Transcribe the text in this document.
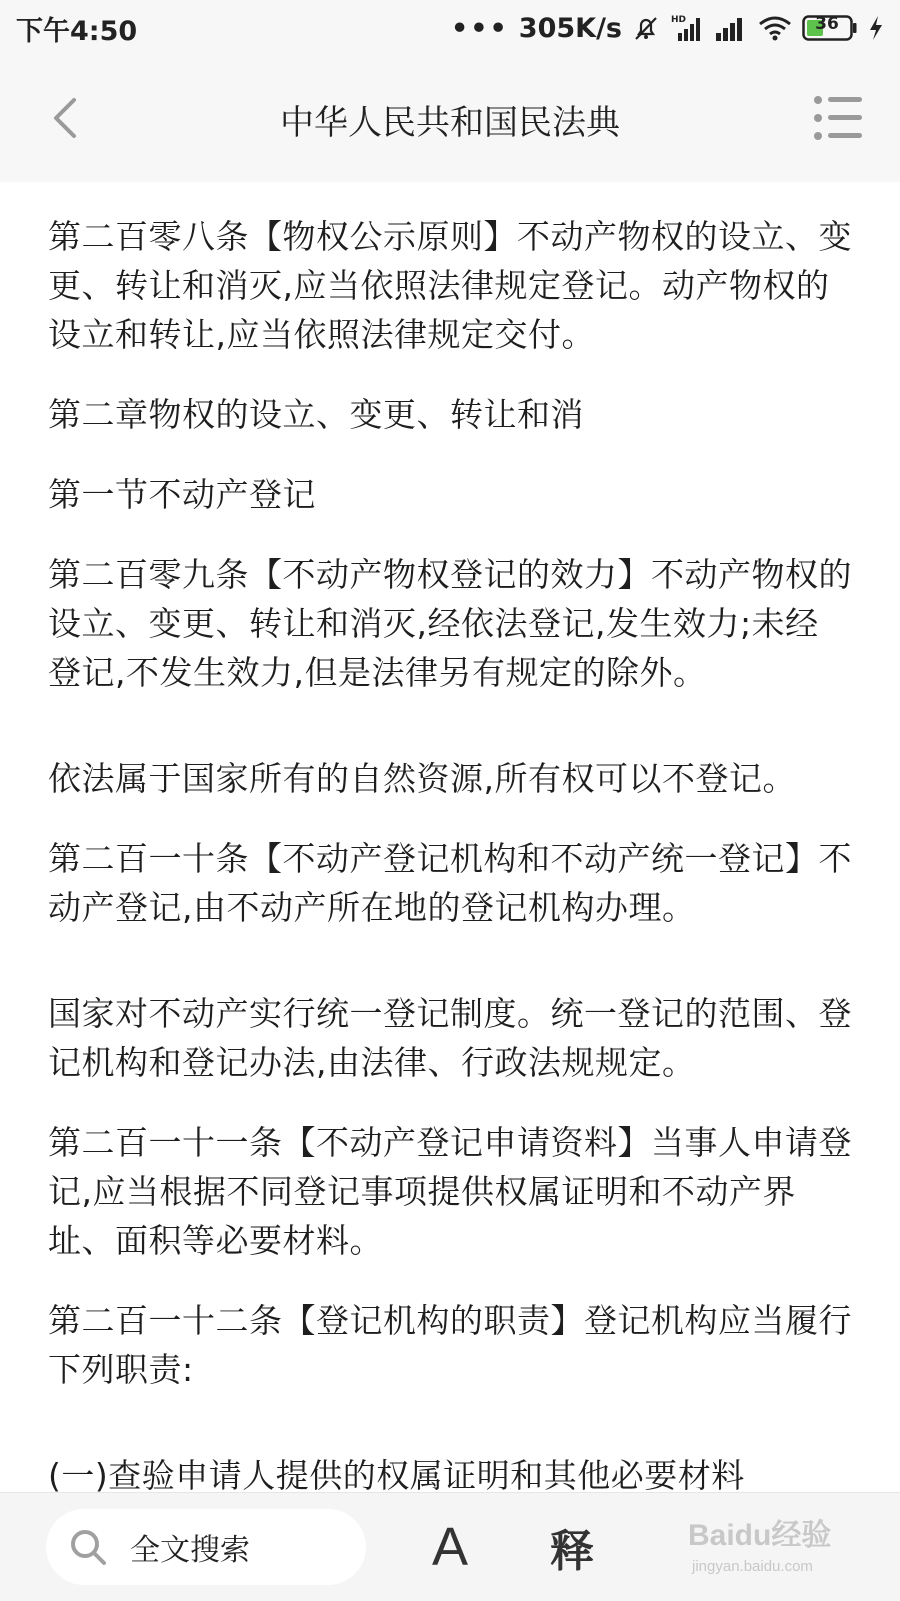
下午4:50	••• 305K/s	HD	36
中华人民共和国民法典

第二百零八条【物权公示原则】不动产物权的设立、变更、转让和消灭,应当依照法律规定登记。动产物权的设立和转让,应当依照法律规定交付。

第二章物权的设立、变更、转让和消

第一节不动产登记

第二百零九条【不动产物权登记的效力】不动产物权的设立、变更、转让和消灭,经依法登记,发生效力;未经登记,不发生效力,但是法律另有规定的除外。

依法属于国家所有的自然资源,所有权可以不登记。

第二百一十条【不动产登记机构和不动产统一登记】不动产登记,由不动产所在地的登记机构办理。

国家对不动产实行统一登记制度。统一登记的范围、登记机构和登记办法,由法律、行政法规规定。

第二百一十一条【不动产登记申请资料】当事人申请登记,应当根据不同登记事项提供权属证明和不动产界址、面积等必要材料。

第二百一十二条【登记机构的职责】登记机构应当履行下列职责:

(一)查验申请人提供的权属证明和其他必要材料

全文搜索	A 释	Baidu经验
jingyan.baidu.com
